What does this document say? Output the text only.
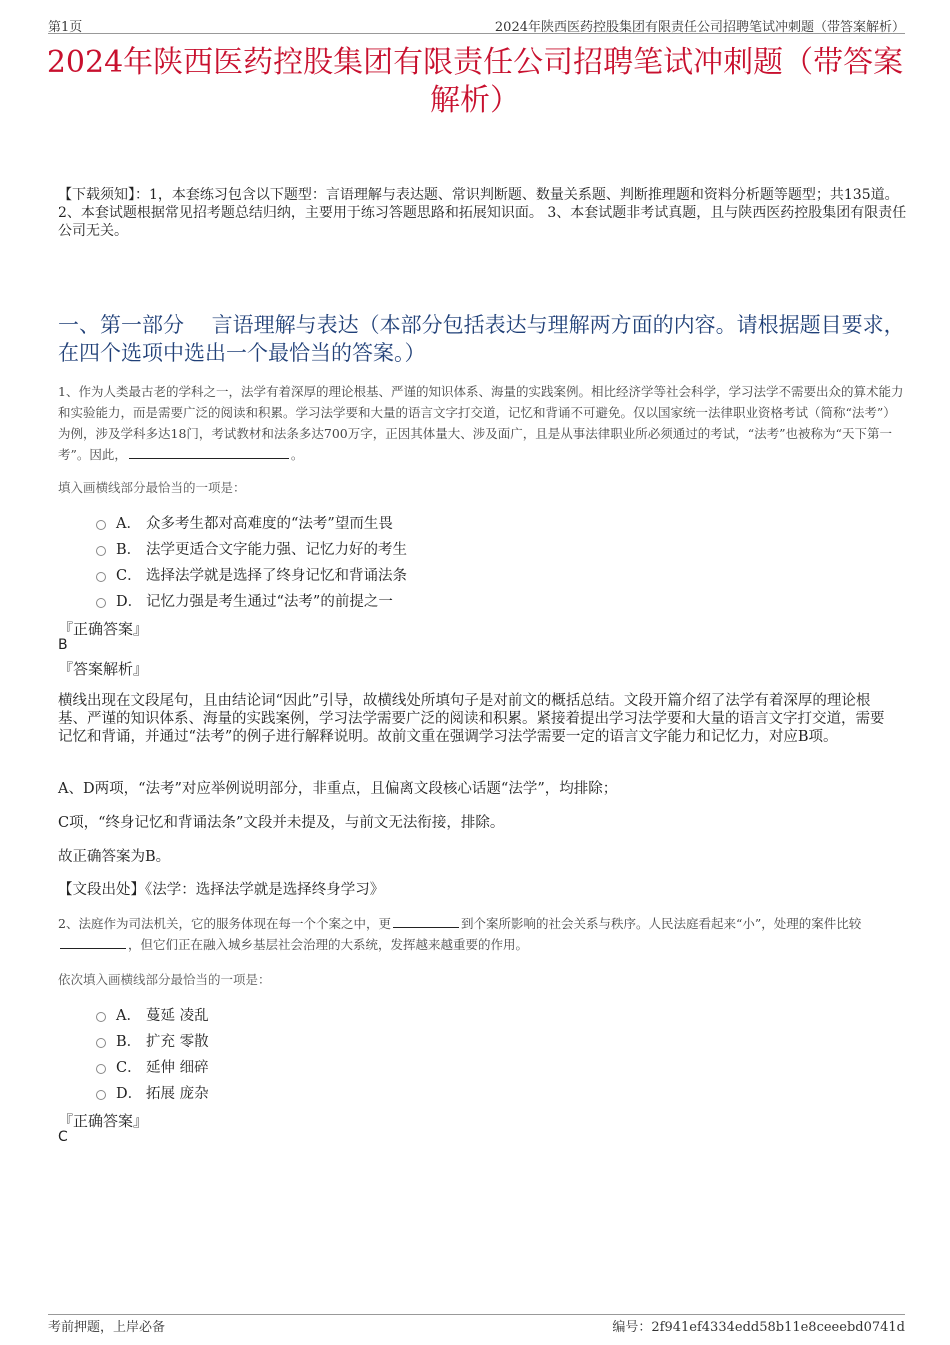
第1页	2024年陕西医药控股集团有限责任公司招聘笔试冲刺题（带答案解析）
2024年陕西医药控股集团有限责任公司招聘笔试冲刺题（带答案解析）

【下载须知】：1，本套练习包含以下题型：言语理解与表达题、常识判断题、数量关系题、判断推理题和资料分析题等题型；共135道。 2、本套试题根据常见招考题总结归纳，主要用于练习答题思路和拓展知识面。 3、本套试题非考试真题，且与陕西医药控股集团有限责任公司无关。

一、第一部分　 言语理解与表达（本部分包括表达与理解两方面的内容。请根据题目要求，在四个选项中选出一个最恰当的答案。）

1、作为人类最古老的学科之一，法学有着深厚的理论根基、严谨的知识体系、海量的实践案例。相比经济学等社会科学，学习法学不需要出众的算术能力和实验能力，而是需要广泛的阅读和积累。学习法学要和大量的语言文字打交道，记忆和背诵不可避免。仅以国家统一法律职业资格考试（简称“法考”）为例，涉及学科多达18门，考试教材和法条多达700万字，正因其体量大、涉及面广，且是从事法律职业所必须通过的考试，“法考”也被称为“天下第一考”。因此，	。

填入画横线部分最恰当的一项是：

A． 众多考生都对高难度的“法考”望而生畏
B． 法学更适合文字能力强、记忆力好的考生
C． 选择法学就是选择了终身记忆和背诵法条
D． 记忆力强是考生通过“法考”的前提之一

『正确答案』

B

『答案解析』

横线出现在文段尾句，且由结论词“因此”引导，故横线处所填句子是对前文的概括总结。文段开篇介绍了法学有着深厚的理论根基、严谨的知识体系、海量的实践案例，学习法学需要广泛的阅读和积累。紧接着提出学习法学要和大量的语言文字打交道，需要记忆和背诵，并通过“法考”的例子进行解释说明。故前文重在强调学习法学需要一定的语言文字能力和记忆力，对应B项。

A、D两项，“法考”对应举例说明部分，非重点，且偏离文段核心话题“法学”，均排除；

C项，“终身记忆和背诵法条”文段并未提及，与前文无法衔接，排除。

故正确答案为B。

【文段出处】《法学：选择法学就是选择终身学习》

2、法庭作为司法机关，它的服务体现在每一个个案之中，更	到个案所影响的社会关系与秩序。人民法庭看起来“小”，处理的案件比较，但它们正在融入城乡基层社会治理的大系统，发挥越来越重要的作用。

依次填入画横线部分最恰当的一项是：

A． 蔓延 凌乱
B． 扩充 零散
C． 延伸 细碎
D． 拓展 庞杂

『正确答案』

C

考前押题，上岸必备	编号：2f941ef4334edd58b11e8ceeebd0741d
